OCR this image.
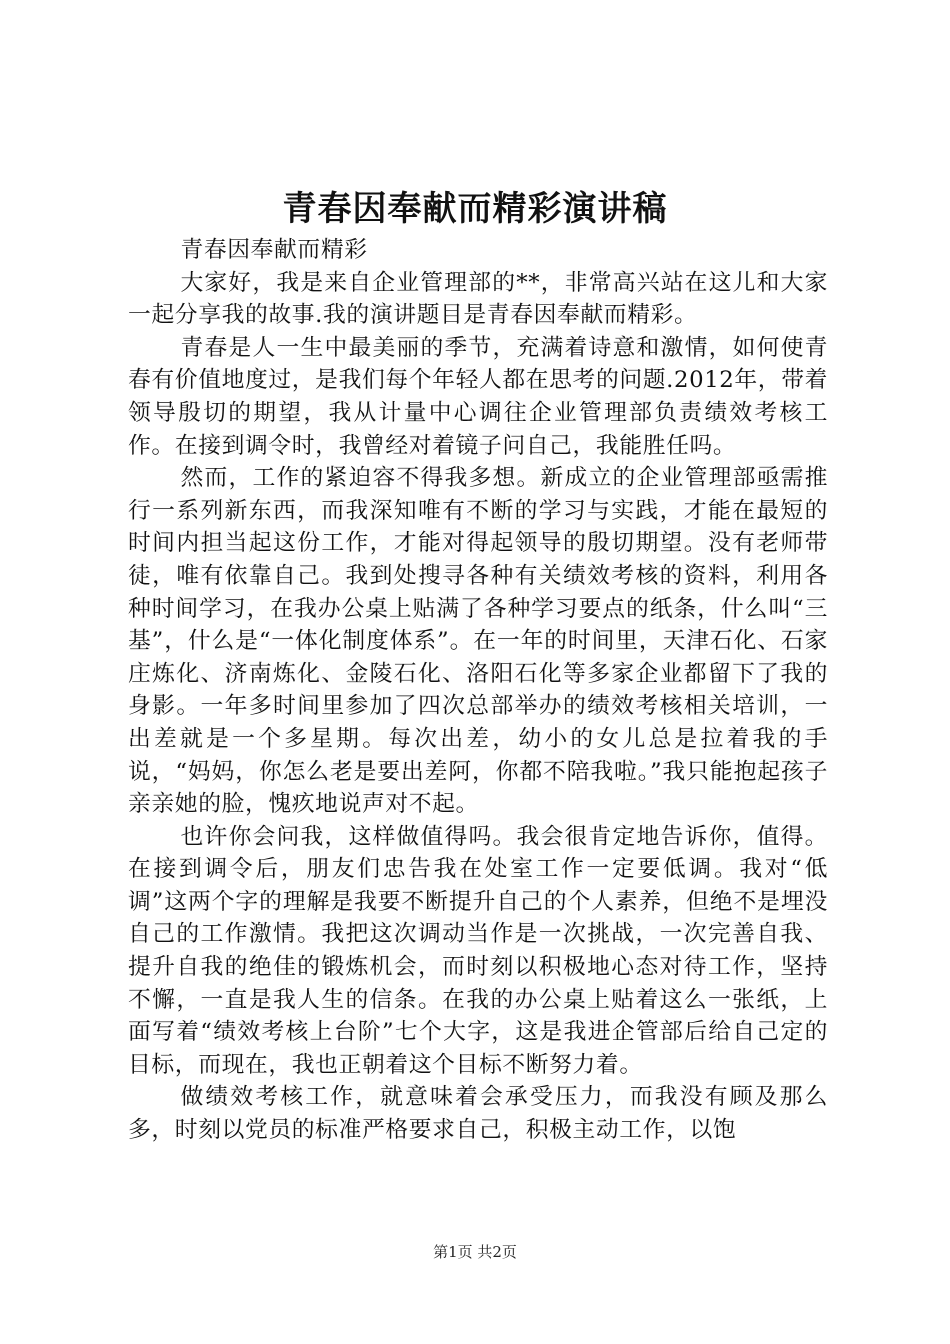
青春因奉献而精彩演讲稿

青春因奉献而精彩

大家好，我是来自企业管理部的**，非常高兴站在这儿和大家一起分享我的故事.我的演讲题目是青春因奉献而精彩。

青春是人一生中最美丽的季节，充满着诗意和激情，如何使青春有价值地度过，是我们每个年轻人都在思考的问题.2012年，带着领导殷切的期望，我从计量中心调往企业管理部负责绩效考核工作。在接到调令时，我曾经对着镜子问自己，我能胜任吗。

然而，工作的紧迫容不得我多想。新成立的企业管理部亟需推行一系列新东西，而我深知唯有不断的学习与实践，才能在最短的时间内担当起这份工作，才能对得起领导的殷切期望。没有老师带徒，唯有依靠自己。我到处搜寻各种有关绩效考核的资料，利用各种时间学习，在我办公桌上贴满了各种学习要点的纸条，什么叫“三基”，什么是“一体化制度体系”。在一年的时间里，天津石化、石家庄炼化、济南炼化、金陵石化、洛阳石化等多家企业都留下了我的身影。一年多时间里参加了四次总部举办的绩效考核相关培训，一出差就是一个多星期。每次出差，幼小的女儿总是拉着我的手说，“妈妈，你怎么老是要出差阿，你都不陪我啦。”我只能抱起孩子亲亲她的脸，愧疚地说声对不起。

也许你会问我，这样做值得吗。我会很肯定地告诉你，值得。在接到调令后，朋友们忠告我在处室工作一定要低调。我对“低调”这两个字的理解是我要不断提升自己的个人素养，但绝不是埋没自己的工作激情。我把这次调动当作是一次挑战，一次完善自我、提升自我的绝佳的锻炼机会，而时刻以积极地心态对待工作，坚持不懈，一直是我人生的信条。在我的办公桌上贴着这么一张纸，上面写着“绩效考核上台阶”七个大字，这是我进企管部后给自己定的目标，而现在，我也正朝着这个目标不断努力着。

做绩效考核工作，就意味着会承受压力，而我没有顾及那么多，时刻以党员的标准严格要求自己，积极主动工作，以饱

第1页 共2页
